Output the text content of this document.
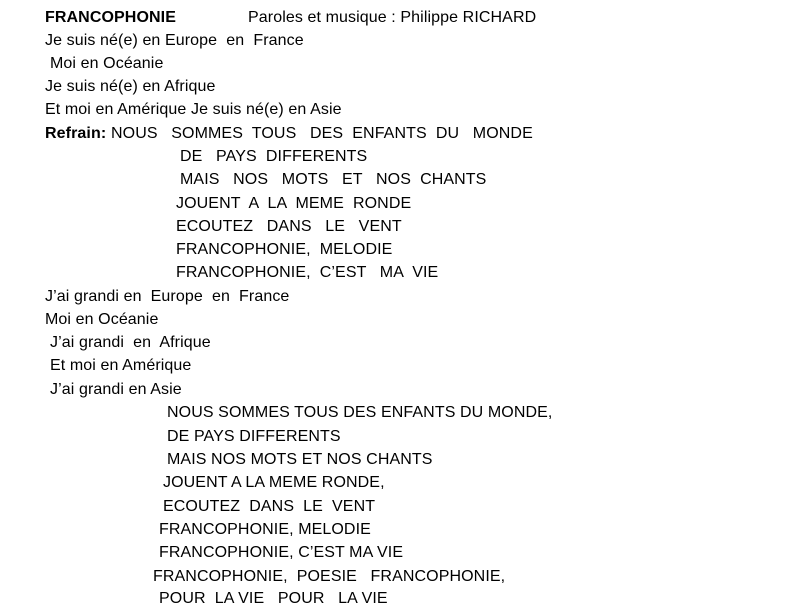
FRANCOPHONIE	Paroles et musique : Philippe RICHARD
Je suis né(e) en Europe  en  France
Moi en Océanie
Je suis né(e) en Afrique
Et moi en Amérique Je suis né(e) en Asie
Refrain: NOUS   SOMMES  TOUS   DES  ENFANTS  DU   MONDE
DE   PAYS  DIFFERENTS
MAIS   NOS   MOTS   ET   NOS  CHANTS
JOUENT  A  LA  MEME  RONDE
ECOUTEZ   DANS   LE   VENT
FRANCOPHONIE,  MELODIE
FRANCOPHONIE,  C’EST   MA  VIE
J’ai grandi en  Europe  en  France
Moi en Océanie
J’ai grandi  en  Afrique
Et moi en Amérique
J’ai grandi en Asie
NOUS SOMMES TOUS DES ENFANTS DU MONDE,
DE PAYS DIFFERENTS
MAIS NOS MOTS ET NOS CHANTS
JOUENT A LA MEME RONDE,
ECOUTEZ  DANS  LE  VENT
FRANCOPHONIE, MELODIE
FRANCOPHONIE, C’EST MA VIE
FRANCOPHONIE,  POESIE   FRANCOPHONIE,
POUR  LA VIE   POUR   LA VIE
